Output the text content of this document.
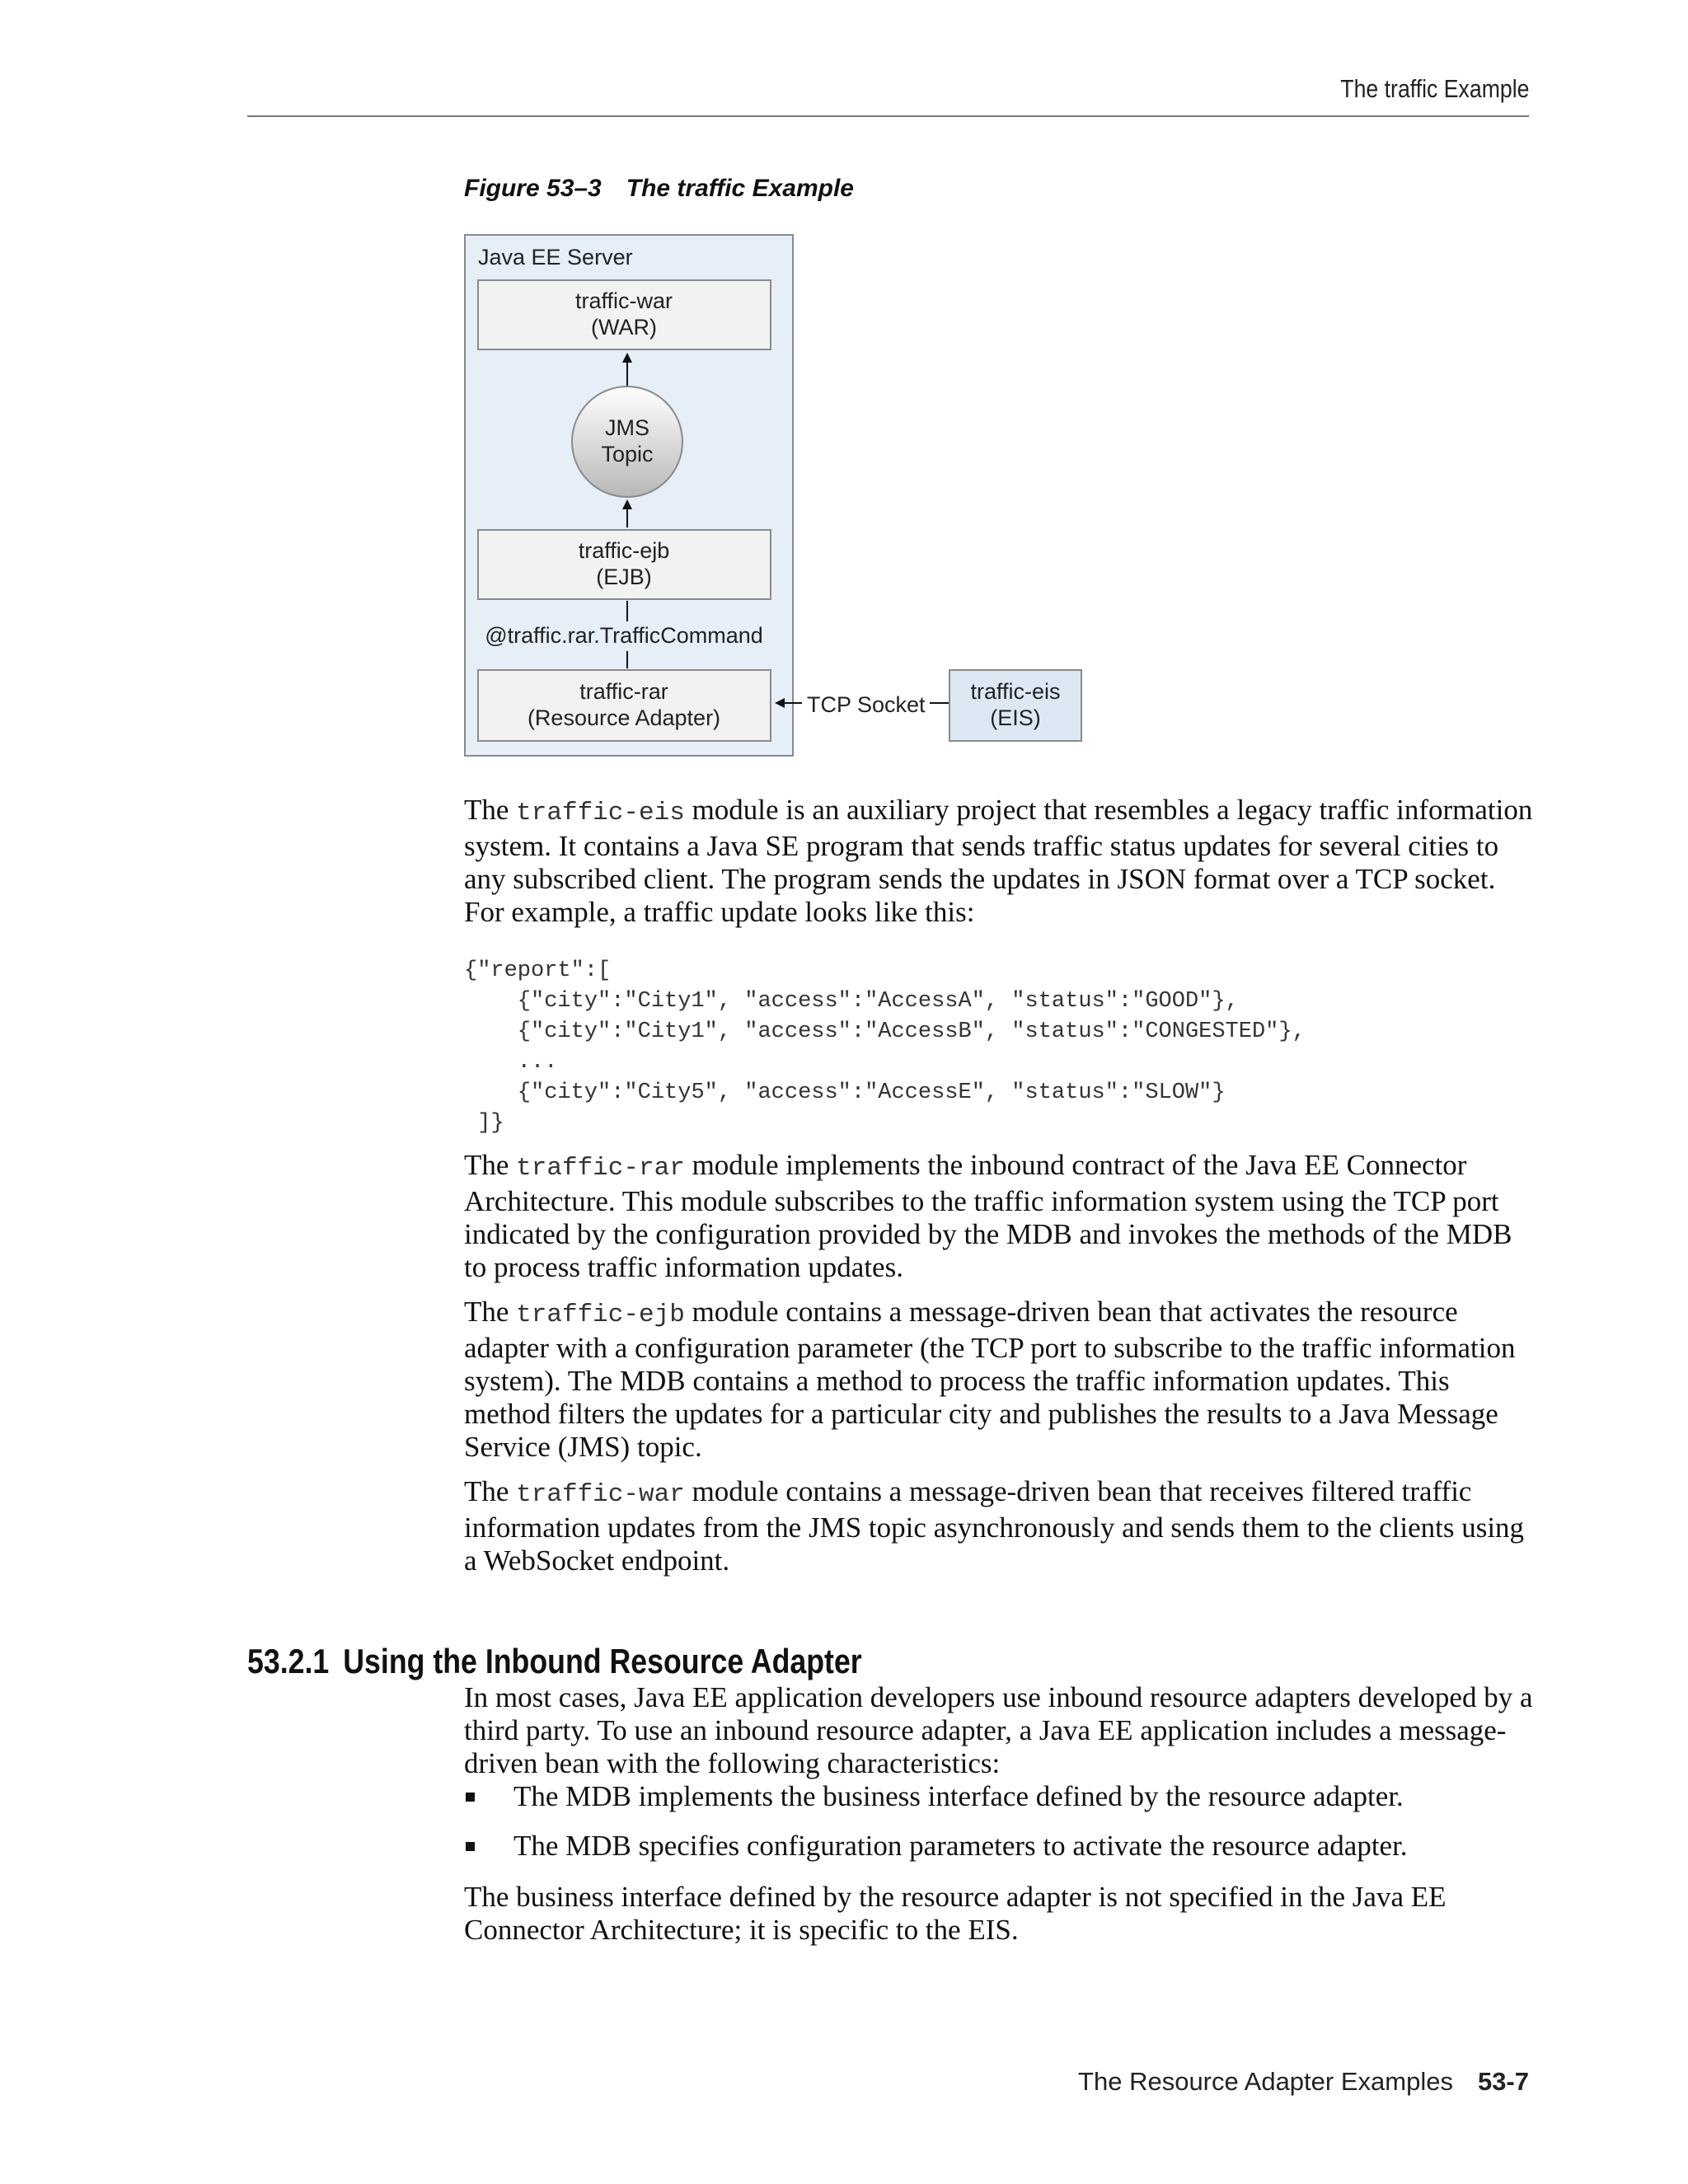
The traffic Example
Figure 53–3 The traffic Example
Java EE Server
traffic-war
(WAR)
JMS
Topic
traffic-ejb
(EJB)
@traffic.rar.TrafficCommand
traffic-rar
(Resource Adapter)
TCP Socket
traffic-eis
(EIS)

The traffic-eis module is an auxiliary project that resembles a legacy traffic information system. It contains a Java SE program that sends traffic status updates for several cities to any subscribed client. The program sends the updates in JSON format over a TCP socket. For example, a traffic update looks like this:

{"report":[
{"city":"City1", "access":"AccessA", "status":"GOOD"},
{"city":"City1", "access":"AccessB", "status":"CONGESTED"},
...
{"city":"City5", "access":"AccessE", "status":"SLOW"}
]}

The traffic-rar module implements the inbound contract of the Java EE Connector Architecture. This module subscribes to the traffic information system using the TCP port indicated by the configuration provided by the MDB and invokes the methods of the MDB to process traffic information updates.

The traffic-ejb module contains a message-driven bean that activates the resource adapter with a configuration parameter (the TCP port to subscribe to the traffic information system). The MDB contains a method to process the traffic information updates. This method filters the updates for a particular city and publishes the results to a Java Message Service (JMS) topic.

The traffic-war module contains a message-driven bean that receives filtered traffic information updates from the JMS topic asynchronously and sends them to the clients using a WebSocket endpoint.

53.2.1 Using the Inbound Resource Adapter

In most cases, Java EE application developers use inbound resource adapters developed by a third party. To use an inbound resource adapter, a Java EE application includes a message-driven bean with the following characteristics:

The MDB implements the business interface defined by the resource adapter.
The MDB specifies configuration parameters to activate the resource adapter.

The business interface defined by the resource adapter is not specified in the Java EE Connector Architecture; it is specific to the EIS.

The Resource Adapter Examples 53-7
